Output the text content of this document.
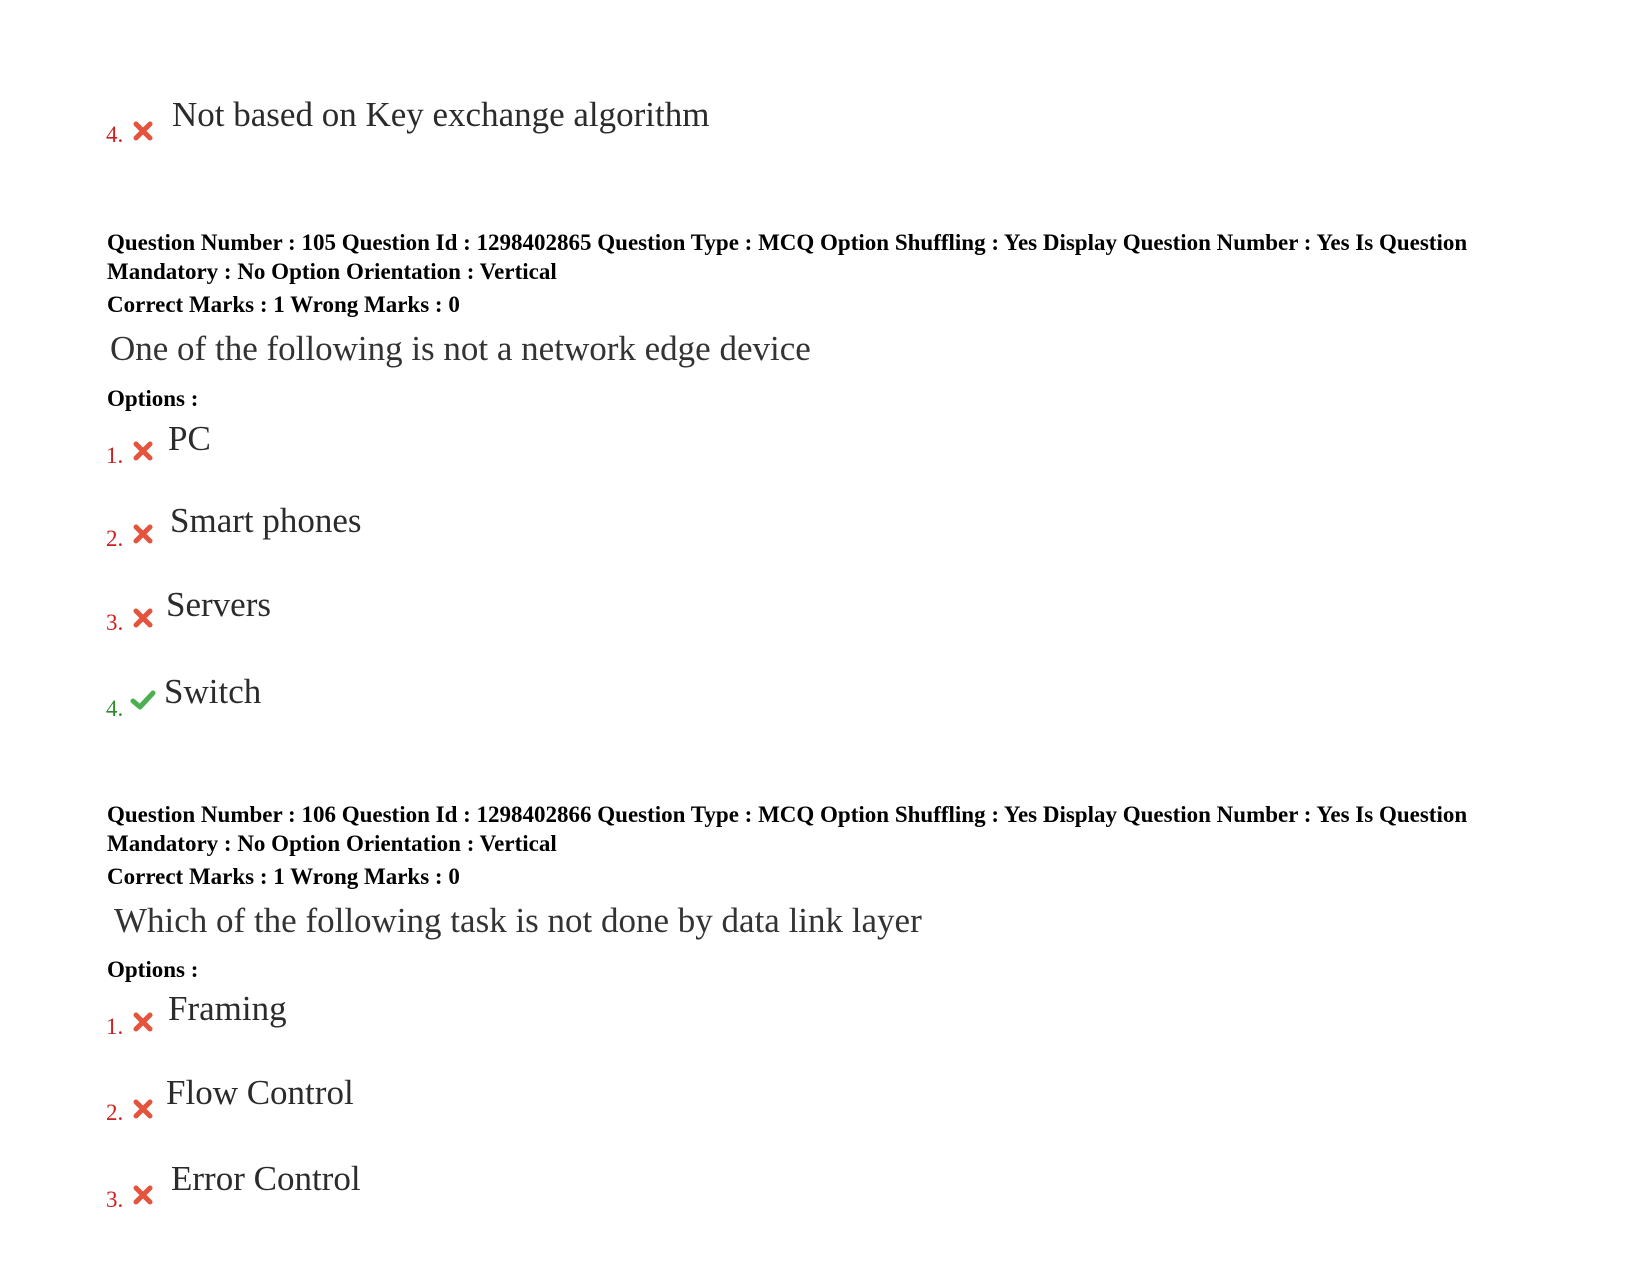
4.
Not based on Key exchange algorithm
Question Number : 105 Question Id : 1298402865 Question Type : MCQ Option Shuffling : Yes Display Question Number : Yes Is Question Mandatory : No Option Orientation : Vertical
Correct Marks : 1 Wrong Marks : 0
One of the following is not a network edge device
Options :
1. PC
2. Smart phones
3. Servers
4. Switch
Question Number : 106 Question Id : 1298402866 Question Type : MCQ Option Shuffling : Yes Display Question Number : Yes Is Question Mandatory : No Option Orientation : Vertical
Correct Marks : 1 Wrong Marks : 0
Which of the following task is not done by data link layer
Options :
1. Framing
2.
Flow Control
3.
Error Control
